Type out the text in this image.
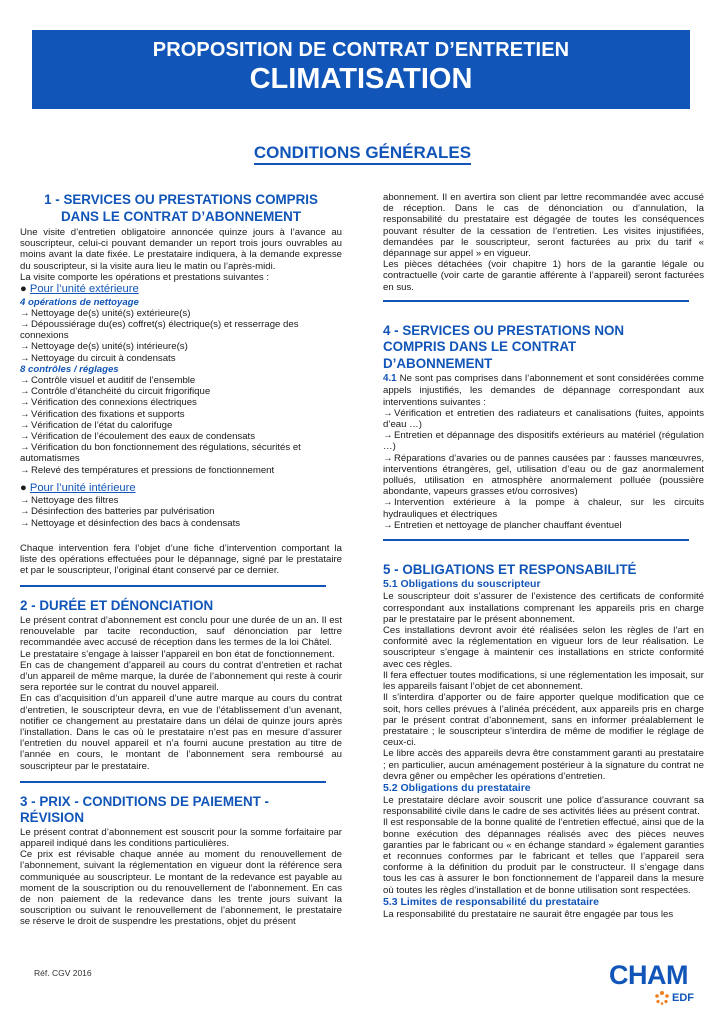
PROPOSITION DE CONTRAT D’ENTRETIEN
CLIMATISATION
CONDITIONS GÉNÉRALES
1 - SERVICES OU PRESTATIONS COMPRIS
DANS LE CONTRAT D’ABONNEMENT
Une visite d’entretien obligatoire annoncée quinze jours à l’avance au souscripteur, celui-ci pouvant demander un report trois jours ouvrables au moins avant la date fixée. Le prestataire indiquera, à la demande expresse du souscripteur, si la visite aura lieu le matin ou l’après-midi.
La visite comporte les opérations et prestations suivantes :
● Pour l’unité extérieure
4 opérations de nettoyage
→Nettoyage de(s) unité(s) extérieure(s)
→Dépoussiérage du(es) coffret(s) électrique(s) et resserrage des connexions
→Nettoyage de(s) unité(s) intérieure(s)
→Nettoyage du circuit à condensats
8 contrôles / réglages
→Contrôle visuel et auditif de l’ensemble
→Contrôle d’étanchéité du circuit frigorifique
→Vérification des connexions électriques
→Vérification des fixations et supports
→Vérification de l’état du calorifuge
→Vérification de l’écoulement des eaux de condensats
→Vérification du bon fonctionnement des régulations, sécurités et automatismes
→Relevé des températures et pressions de fonctionnement
● Pour l’unité intérieure
→Nettoyage des filtres
→Désinfection des batteries par pulvérisation
→Nettoyage et désinfection des bacs à condensats
Chaque intervention fera l’objet d’une fiche d’intervention comportant la liste des opérations effectuées pour le dépannage, signé par le prestataire et par le souscripteur, l’original étant conservé par ce dernier.
2 - DURÉE ET DÉNONCIATION
Le présent contrat d’abonnement est conclu pour une durée de un an. Il est renouvelable par tacite reconduction, sauf dénonciation par lettre recommandée avec accusé de réception dans les termes de la loi Châtel.
Le prestataire s’engage à laisser l’appareil en bon état de fonctionnement.
En cas de changement d’appareil au cours du contrat d’entretien et rachat d’un appareil de même marque, la durée de l’abonnement qui reste à courir sera reportée sur le contrat du nouvel appareil.
En cas d’acquisition d’un appareil d’une autre marque au cours du contrat d’entretien, le souscripteur devra, en vue de l’établissement d’un avenant, notifier ce changement au prestataire dans un délai de quinze jours après l’installation. Dans le cas où le prestataire n’est pas en mesure d’assurer l’entretien du nouvel appareil et n’a fourni aucune prestation au titre de l’année en cours, le montant de l’abonnement sera remboursé au souscripteur par le prestataire.
3 - PRIX - CONDITIONS DE PAIEMENT -
RÉVISION
Le présent contrat d’abonnement est souscrit pour la somme forfaitaire par appareil indiqué dans les conditions particulières.
Ce prix est révisable chaque année au moment du renouvellement de l’abonnement, suivant la réglementation en vigueur dont la référence sera communiquée au souscripteur. Le montant de la redevance est payable au moment de la souscription ou du renouvellement de l’abonnement. En cas de non paiement de la redevance dans les trente jours suivant la souscription ou suivant le renouvellement de l’abonnement, le prestataire se réserve le droit de suspendre les prestations, objet du présent
abonnement. Il en avertira son client par lettre recommandée avec accusé de réception. Dans le cas de dénonciation ou d’annulation, la responsabilité du prestataire est dégagée de toutes les conséquences pouvant résulter de la cessation de l’entretien. Les visites injustifiées, demandées par le souscripteur, seront facturées au prix du tarif « dépannage sur appel » en vigueur.
Les pièces détachées (voir chapitre 1) hors de la garantie légale ou contractuelle (voir carte de garantie afférente à l’appareil) seront facturées en sus.
4 - SERVICES OU PRESTATIONS NON
COMPRIS DANS LE CONTRAT
D’ABONNEMENT
4.1 Ne sont pas comprises dans l’abonnement et sont considérées comme appels injustifiés, les demandes de dépannage correspondant aux interventions suivantes :
→Vérification et entretien des radiateurs et canalisations (fuites, appoints d’eau …)
→Entretien et dépannage des dispositifs extérieurs au matériel (régulation …)
→Réparations d’avaries ou de pannes causées par : fausses manœuvres, interventions étrangères, gel, utilisation d’eau ou de gaz anormalement pollués, utilisation en atmosphère anormalement polluée (poussière abondante, vapeurs grasses et/ou corrosives)
→Intervention extérieure à la pompe à chaleur, sur les circuits hydrauliques et électriques
→Entretien et nettoyage de plancher chauffant éventuel
5 - OBLIGATIONS ET RESPONSABILITÉ
5.1 Obligations du souscripteur
Le souscripteur doit s’assurer de l’existence des certificats de conformité correspondant aux installations comprenant les appareils pris en charge par le prestataire par le présent abonnement.
Ces installations devront avoir été réalisées selon les règles de l’art en conformité avec la réglementation en vigueur lors de leur réalisation. Le souscripteur s’engage à maintenir ces installations en stricte conformité avec ces règles.
Il fera effectuer toutes modifications, si une réglementation les imposait, sur les appareils faisant l’objet de cet abonnement.
Il s’interdira d’apporter ou de faire apporter quelque modification que ce soit, hors celles prévues à l’alinéa précédent, aux appareils pris en charge par le présent contrat d’abonnement, sans en informer préalablement le prestataire ; le souscripteur s’interdira de même de modifier le réglage de ceux-ci.
Le libre accès des appareils devra être constamment garanti au prestataire ; en particulier, aucun aménagement postérieur à la signature du contrat ne devra gêner ou empêcher les opérations d’entretien.
5.2 Obligations du prestataire
Le prestataire déclare avoir souscrit une police d’assurance couvrant sa responsabilité civile dans le cadre de ses activités liées au présent contrat.
Il est responsable de la bonne qualité de l’entretien effectué, ainsi que de la bonne exécution des dépannages réalisés avec des pièces neuves garanties par le fabricant ou « en échange standard » également garanties et reconnues conformes par le fabricant et telles que l’appareil sera conforme à la définition du produit par le constructeur. Il s’engage dans tous les cas à assurer le bon fonctionnement de l’appareil dans la mesure où toutes les règles d’installation et de bonne utilisation sont respectées.
5.3 Limites de responsabilité du prestataire
La responsabilité du prestataire ne saurait être engagée par tous les
Réf. CGV 2016	CHAM
EDF
